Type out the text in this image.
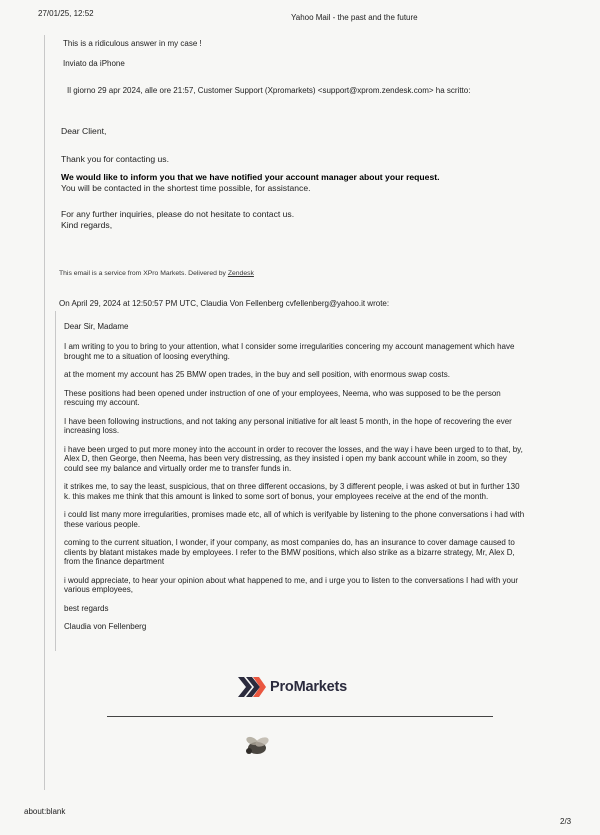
27/01/25, 12:52	Yahoo Mail - the past and the future
This is a ridiculous answer in my case !
Inviato da iPhone
Il giorno 29 apr 2024, alle ore 21:57, Customer Support (Xpromarkets) <support@xprom.zendesk.com> ha scritto:
Dear Client,
Thank you for contacting us.
We would like to inform you that we have notified your account manager about your request.
You will be contacted in the shortest time possible, for assistance.
For any further inquiries, please do not hesitate to contact us.
Kind regards,
This email is a service from XPro Markets. Delivered by Zendesk
On April 29, 2024 at 12:50:57 PM UTC, Claudia Von Fellenberg cvfellenberg@yahoo.it wrote:
Dear Sir, Madame
I am writing to you to bring to your attention, what I consider some irregularities concering my account management which have
brought me to a situation of loosing everything.
at the moment my account has 25 BMW open trades, in the buy and sell position, with enormous swap costs.
These positions had been opened under instruction of one of your employees, Neema, who was supposed to be the person
rescuing my account.
I have been following instructions, and not taking any personal initiative for alt least 5 month, in the hope of recovering the ever
increasing loss.
i have been urged to put more money into the account in order to recover the losses, and the way i have been urged to to that, by,
Alex D, then George, then Neema, has been very distressing, as they insisted i open my bank account while in zoom, so they
could see my balance and virtually order me to transfer funds in.
it strikes me, to say the least, suspicious, that on three different occasions, by 3 different people, i was asked ot but in further 130
k. this makes me think that this amount is linked to some sort of bonus, your employees receive at the end of the month.
i could list many more irregularities, promises made etc, all of which is verifyable by listening to the phone conversations i had with
these various people.
coming to the current situation, I wonder, if your company, as most companies do, has an insurance to cover damage caused to
clients by blatant mistakes made by employees. I refer to the BMW positions, which also strike as a bizarre strategy, Mr, Alex D,
from the finance department
i would appreciate, to hear your opinion about what happened to me, and i urge you to listen to the conversations I had with your
various employees,
best regards
Claudia von Fellenberg
ProMarkets
about:blank
2/3
